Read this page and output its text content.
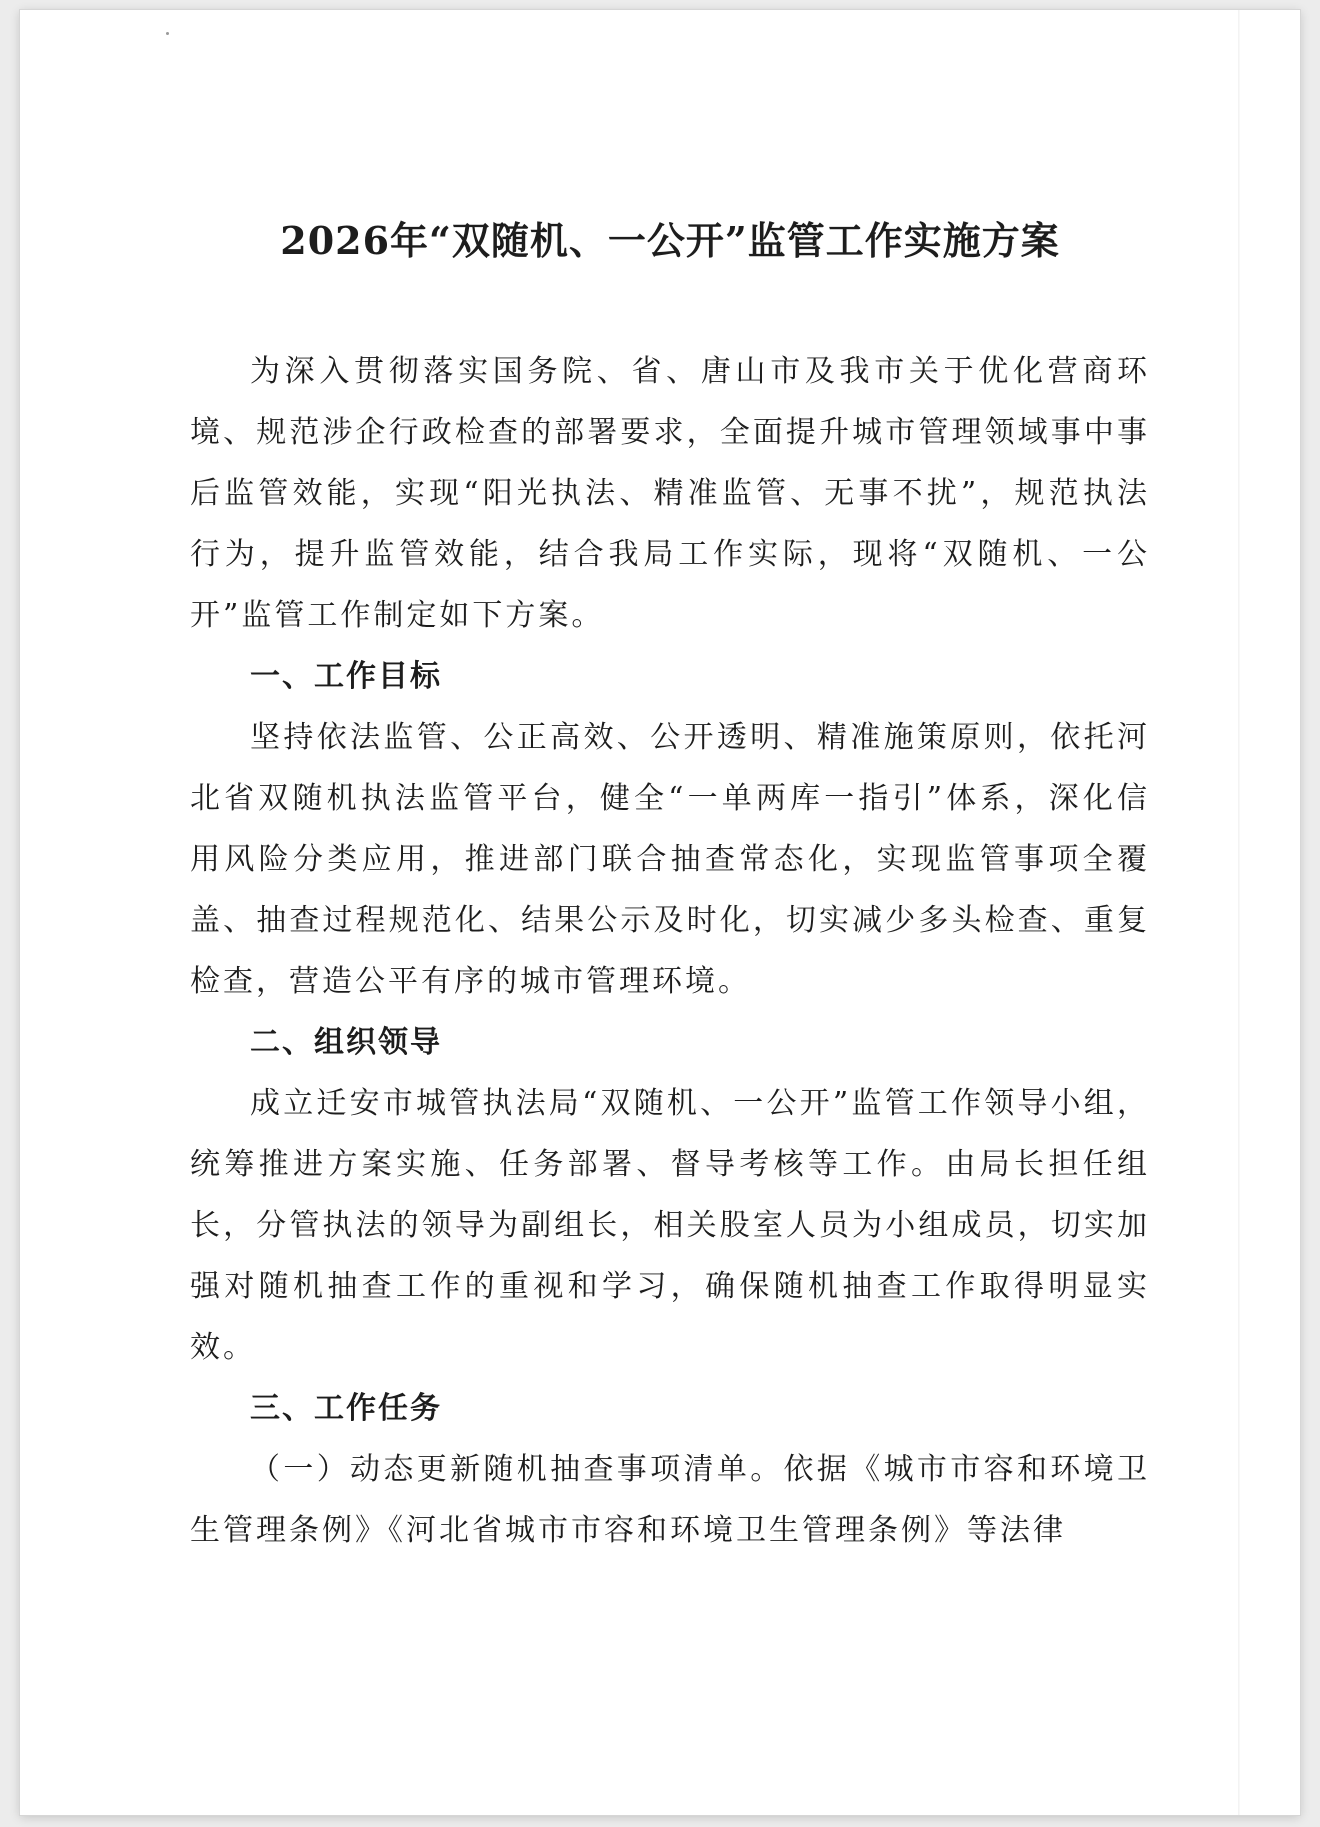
2026年“双随机、一公开”监管工作实施方案

为深入贯彻落实国务院、省、唐山市及我市关于优化营商环境、规范涉企行政检查的部署要求，全面提升城市管理领域事中事后监管效能，实现“阳光执法、精准监管、无事不扰”，规范执法行为，提升监管效能，结合我局工作实际，现将“双随机、一公开”监管工作制定如下方案。

一、工作目标

坚持依法监管、公正高效、公开透明、精准施策原则，依托河北省双随机执法监管平台，健全“一单两库一指引”体系，深化信用风险分类应用，推进部门联合抽查常态化，实现监管事项全覆盖、抽查过程规范化、结果公示及时化，切实减少多头检查、重复检查，营造公平有序的城市管理环境。

二、组织领导

成立迁安市城管执法局“双随机、一公开”监管工作领导小组，统筹推进方案实施、任务部署、督导考核等工作。由局长担任组长，分管执法的领导为副组长，相关股室人员为小组成员，切实加强对随机抽查工作的重视和学习，确保随机抽查工作取得明显实效。

三、工作任务

（一）动态更新随机抽查事项清单。依据《城市市容和环境卫生管理条例》《河北省城市市容和环境卫生管理条例》等法律
